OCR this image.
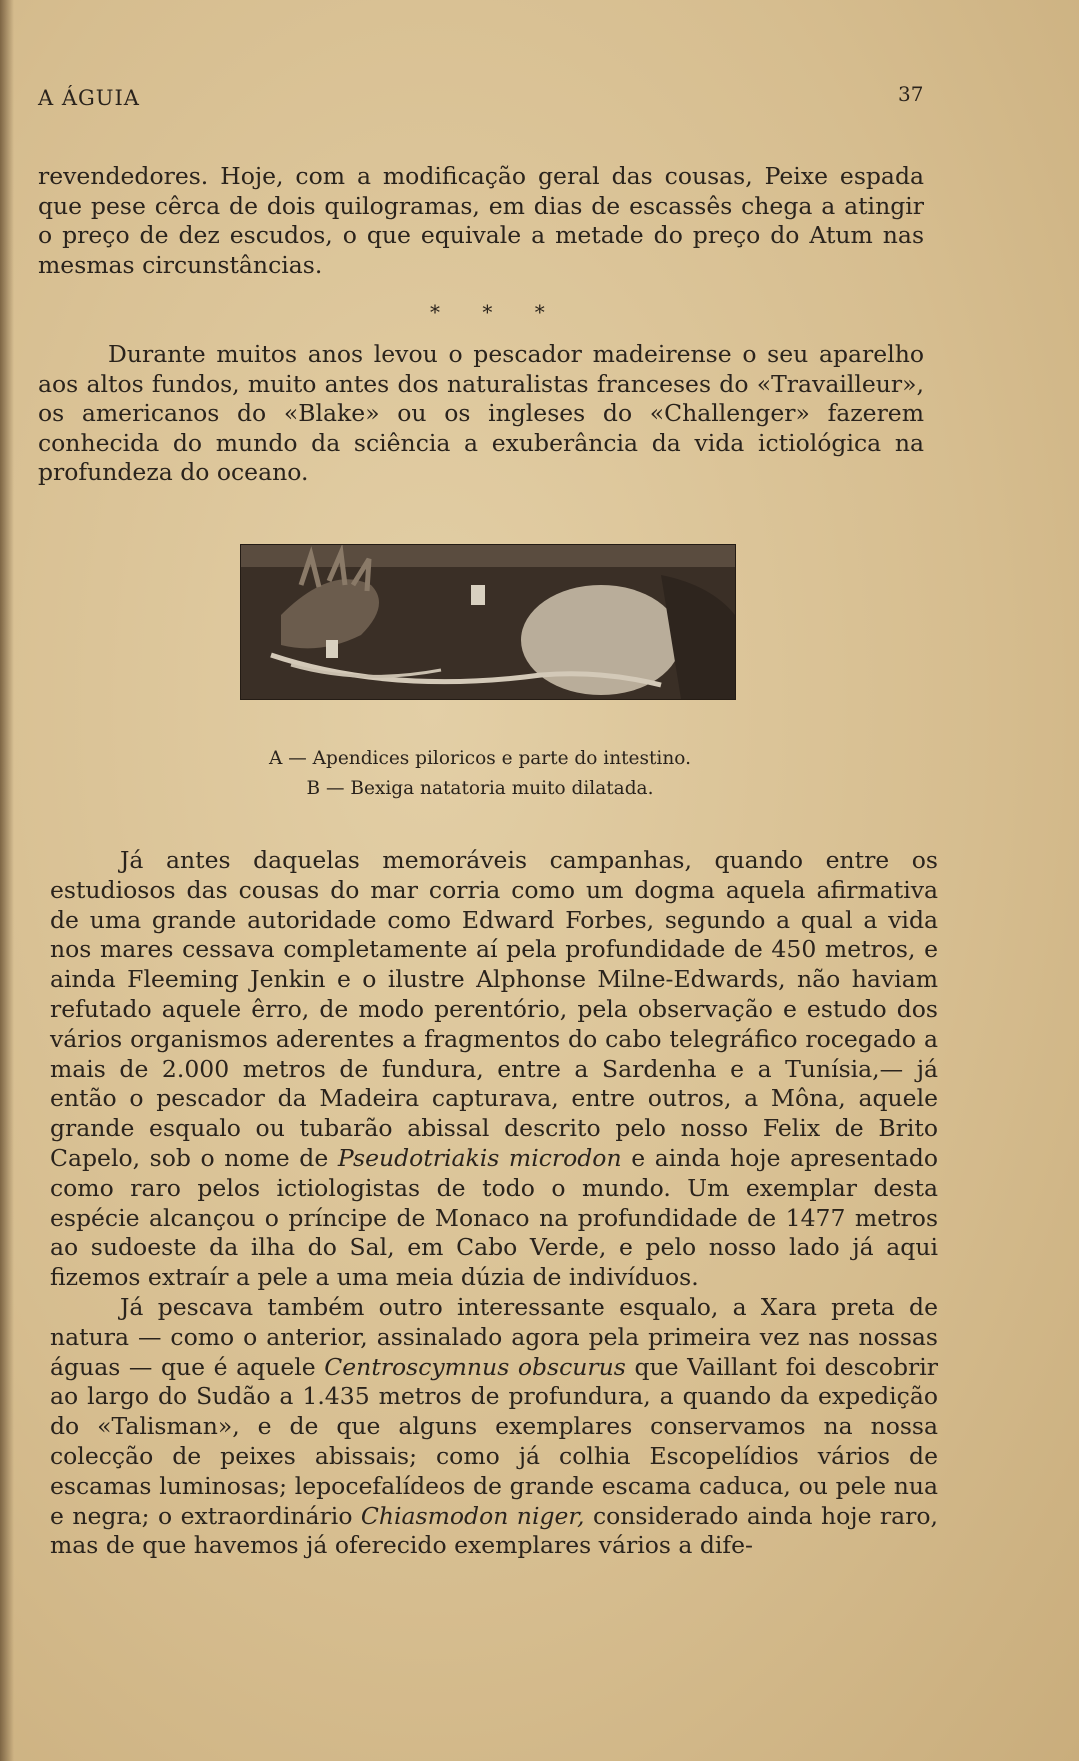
A ÁGUIA	37

revendedores. Hoje, com a modificação geral das cousas, Peixe espada que pese cêrca de dois quilogramas, em dias de escassês chega a atingir o preço de dez escudos, o que equivale a metade do preço do Atum nas mesmas circunstâncias.

* * *

Durante muitos anos levou o pescador madeirense o seu aparelho aos altos fundos, muito antes dos naturalistas franceses do «Travailleur», os americanos do «Blake» ou os ingleses do «Challenger» fazerem conhecida do mundo da sciência a exuberância da vida ictiológica na profundeza do oceano.

A — Apendices piloricos e parte do intestino.
B — Bexiga natatoria muito dilatada.

Já antes daquelas memoráveis campanhas, quando entre os estudiosos das cousas do mar corria como um dogma aquela afirmativa de uma grande autoridade como Edward Forbes, segundo a qual a vida nos mares cessava completamente aí pela profundidade de 450 metros, e ainda Fleeming Jenkin e o ilustre Alphonse Milne-Edwards, não haviam refutado aquele êrro, de modo perentório, pela observação e estudo dos vários organismos aderentes a fragmentos do cabo telegráfico rocegado a mais de 2.000 metros de fundura, entre a Sardenha e a Tunísia,— já então o pescador da Madeira capturava, entre outros, a Môna, aquele grande esqualo ou tubarão abissal descrito pelo nosso Felix de Brito Capelo, sob o nome de Pseudotriakis microdon e ainda hoje apresentado como raro pelos ictiologistas de todo o mundo. Um exemplar desta espécie alcançou o príncipe de Monaco na profundidade de 1477 metros ao sudoeste da ilha do Sal, em Cabo Verde, e pelo nosso lado já aqui fizemos extraír a pele a uma meia dúzia de indivíduos.

Já pescava também outro interessante esqualo, a Xara preta de natura — como o anterior, assinalado agora pela primeira vez nas nossas águas — que é aquele Centroscymnus obscurus que Vaillant foi descobrir ao largo do Sudão a 1.435 metros de profundura, a quando da expedição do «Talisman», e de que alguns exemplares conservamos na nossa colecção de peixes abissais; como já colhia Escopelídios vários de escamas luminosas; lepocefalídeos de grande escama caduca, ou pele nua e negra; o extraordinário Chiasmodon niger, considerado ainda hoje raro, mas de que havemos já oferecido exemplares vários a dife-
